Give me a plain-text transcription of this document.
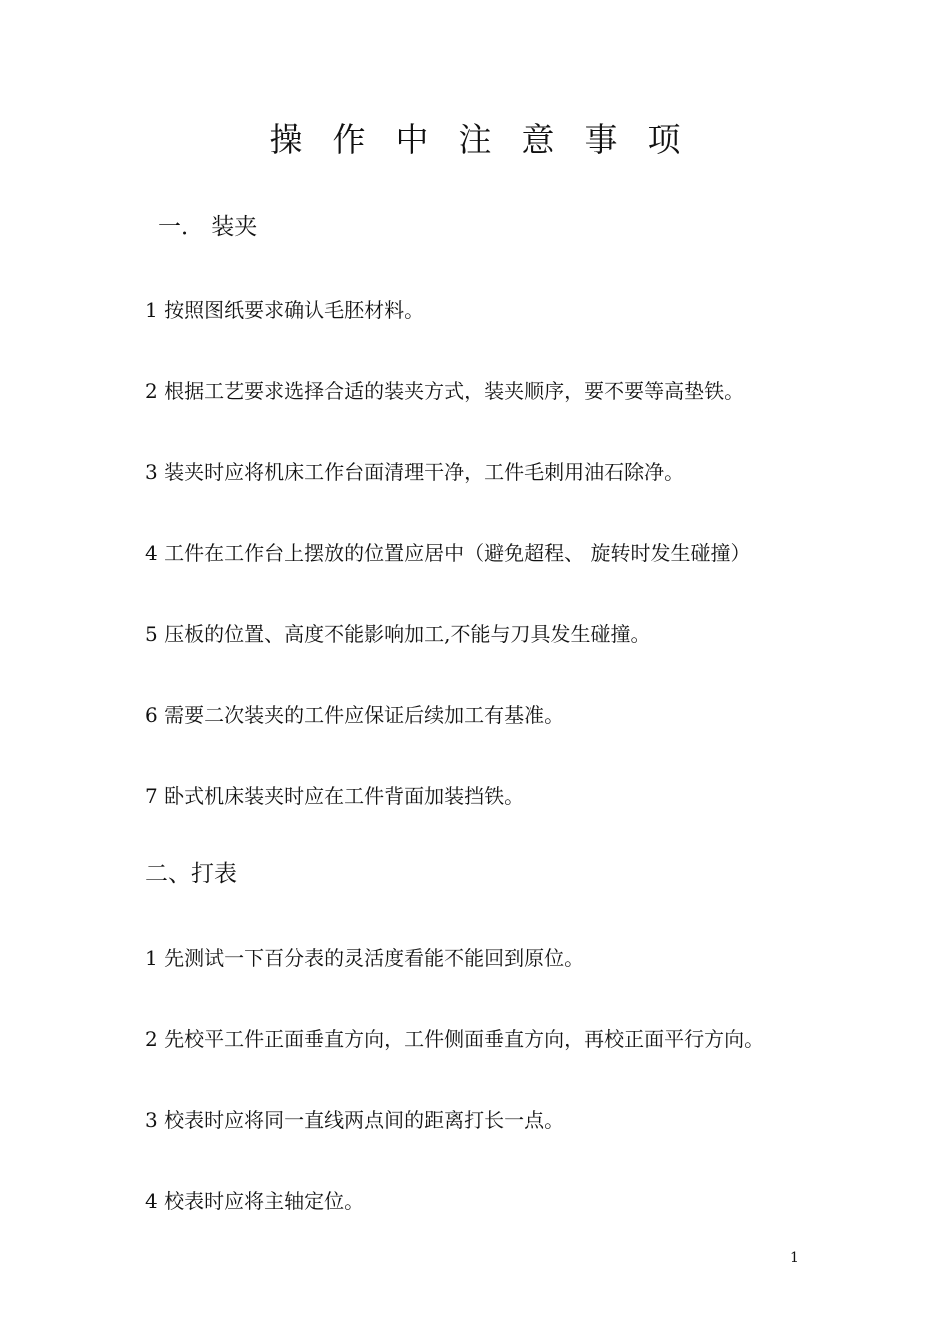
操作中注意事项
一． 装夹
1 按照图纸要求确认毛胚材料。
2 根据工艺要求选择合适的装夹方式，装夹顺序，要不要等高垫铁。
3 装夹时应将机床工作台面清理干净，工件毛刺用油石除净。
4 工件在工作台上摆放的位置应居中（避免超程、 旋转时发生碰撞）
5 压板的位置、高度不能影响加工,不能与刀具发生碰撞。
6 需要二次装夹的工件应保证后续加工有基准。
7 卧式机床装夹时应在工件背面加装挡铁。
二、打表
1 先测试一下百分表的灵活度看能不能回到原位。
2 先校平工件正面垂直方向，工件侧面垂直方向，再校正面平行方向。
3 校表时应将同一直线两点间的距离打长一点。
4 校表时应将主轴定位。
1
